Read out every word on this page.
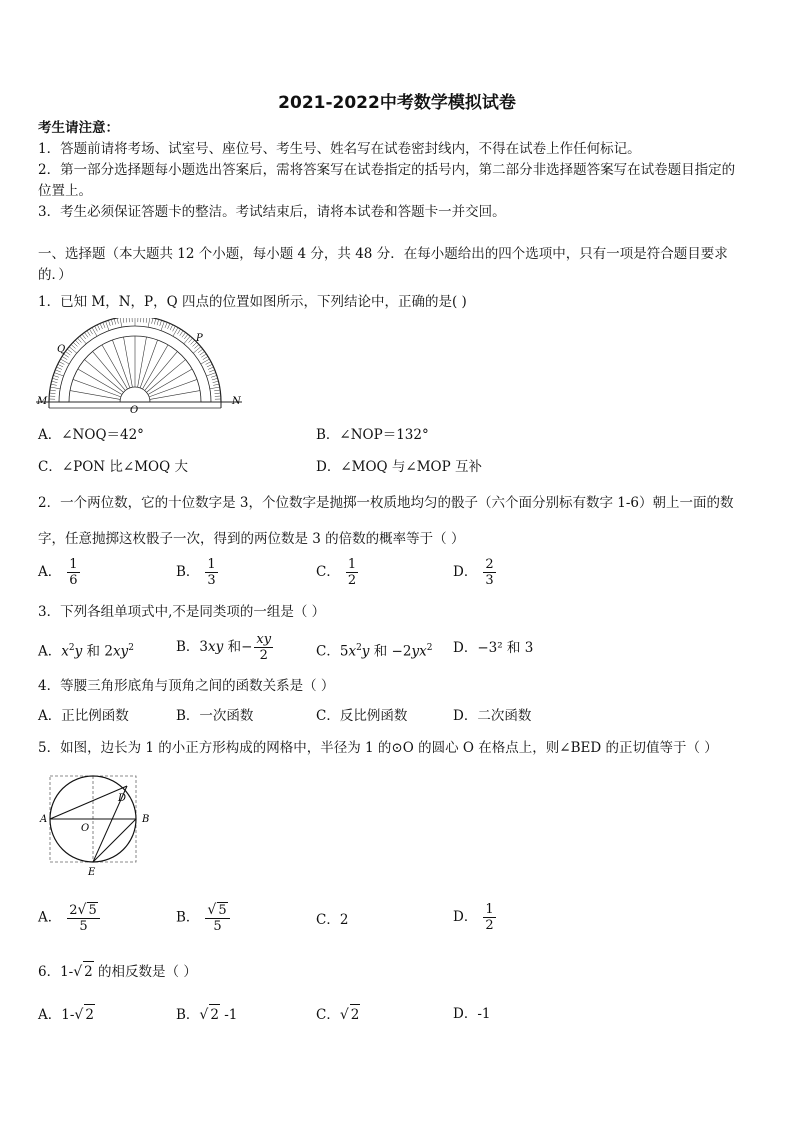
2021-2022中考数学模拟试卷
考生请注意：
1．答题前请将考场、试室号、座位号、考生号、姓名写在试卷密封线内，不得在试卷上作任何标记。
2．第一部分选择题每小题选出答案后，需将答案写在试卷指定的括号内，第二部分非选择题答案写在试卷题目指定的
位置上。
3．考生必须保证答题卡的整洁。考试结束后，请将本试卷和答题卡一并交回。
一、选择题（本大题共 12 个小题，每小题 4 分，共 48 分．在每小题给出的四个选项中，只有一项是符合题目要求
的．）
1．已知 M，N，P，Q 四点的位置如图所示，下列结论中，正确的是( )
M	N
P
Q
O
A．∠NOQ＝42°	B．∠NOP＝132°
C．∠PON 比∠MOQ 大	D．∠MOQ 与∠MOP 互补
2．一个两位数，它的十位数字是 3，个位数字是抛掷一枚质地均匀的骰子（六个面分别标有数字 1-6）朝上一面的数
字，任意抛掷这枚骰子一次，得到的两位数是 3 的倍数的概率等于（ ）
A． $\frac{1}{6}$	B． $\frac{1}{3}$	C． $\frac{1}{2}$	D． $\frac{2}{3}$
3．下列各组单项式中,不是同类项的一组是（ ）
A．$x^2y$ 和 $2xy^2$	B．3xy 和− $\frac{xy}{2}$	C．$5x^2y$ 和 $-2yx^2$ D．−3² 和 3
4．等腰三角形底角与顶角之间的函数关系是（ ）
A．正比例函数	B．一次函数	C．反比例函数	D．二次函数
5．如图，边长为 1 的小正方形构成的网格中，半径为 1 的⊙O 的圆心 O 在格点上，则∠BED 的正切值等于（ ）
A	B
D
O
E
A． $\frac{2√ 5}{5}$	B． $\frac{√ 5}{5}$	C．2	D． $\frac{1}{2}$
6．1-√ 2 的相反数是（ ）
A．1-√ 2	B．√ 2 -1	C．√ 2	D．-1
